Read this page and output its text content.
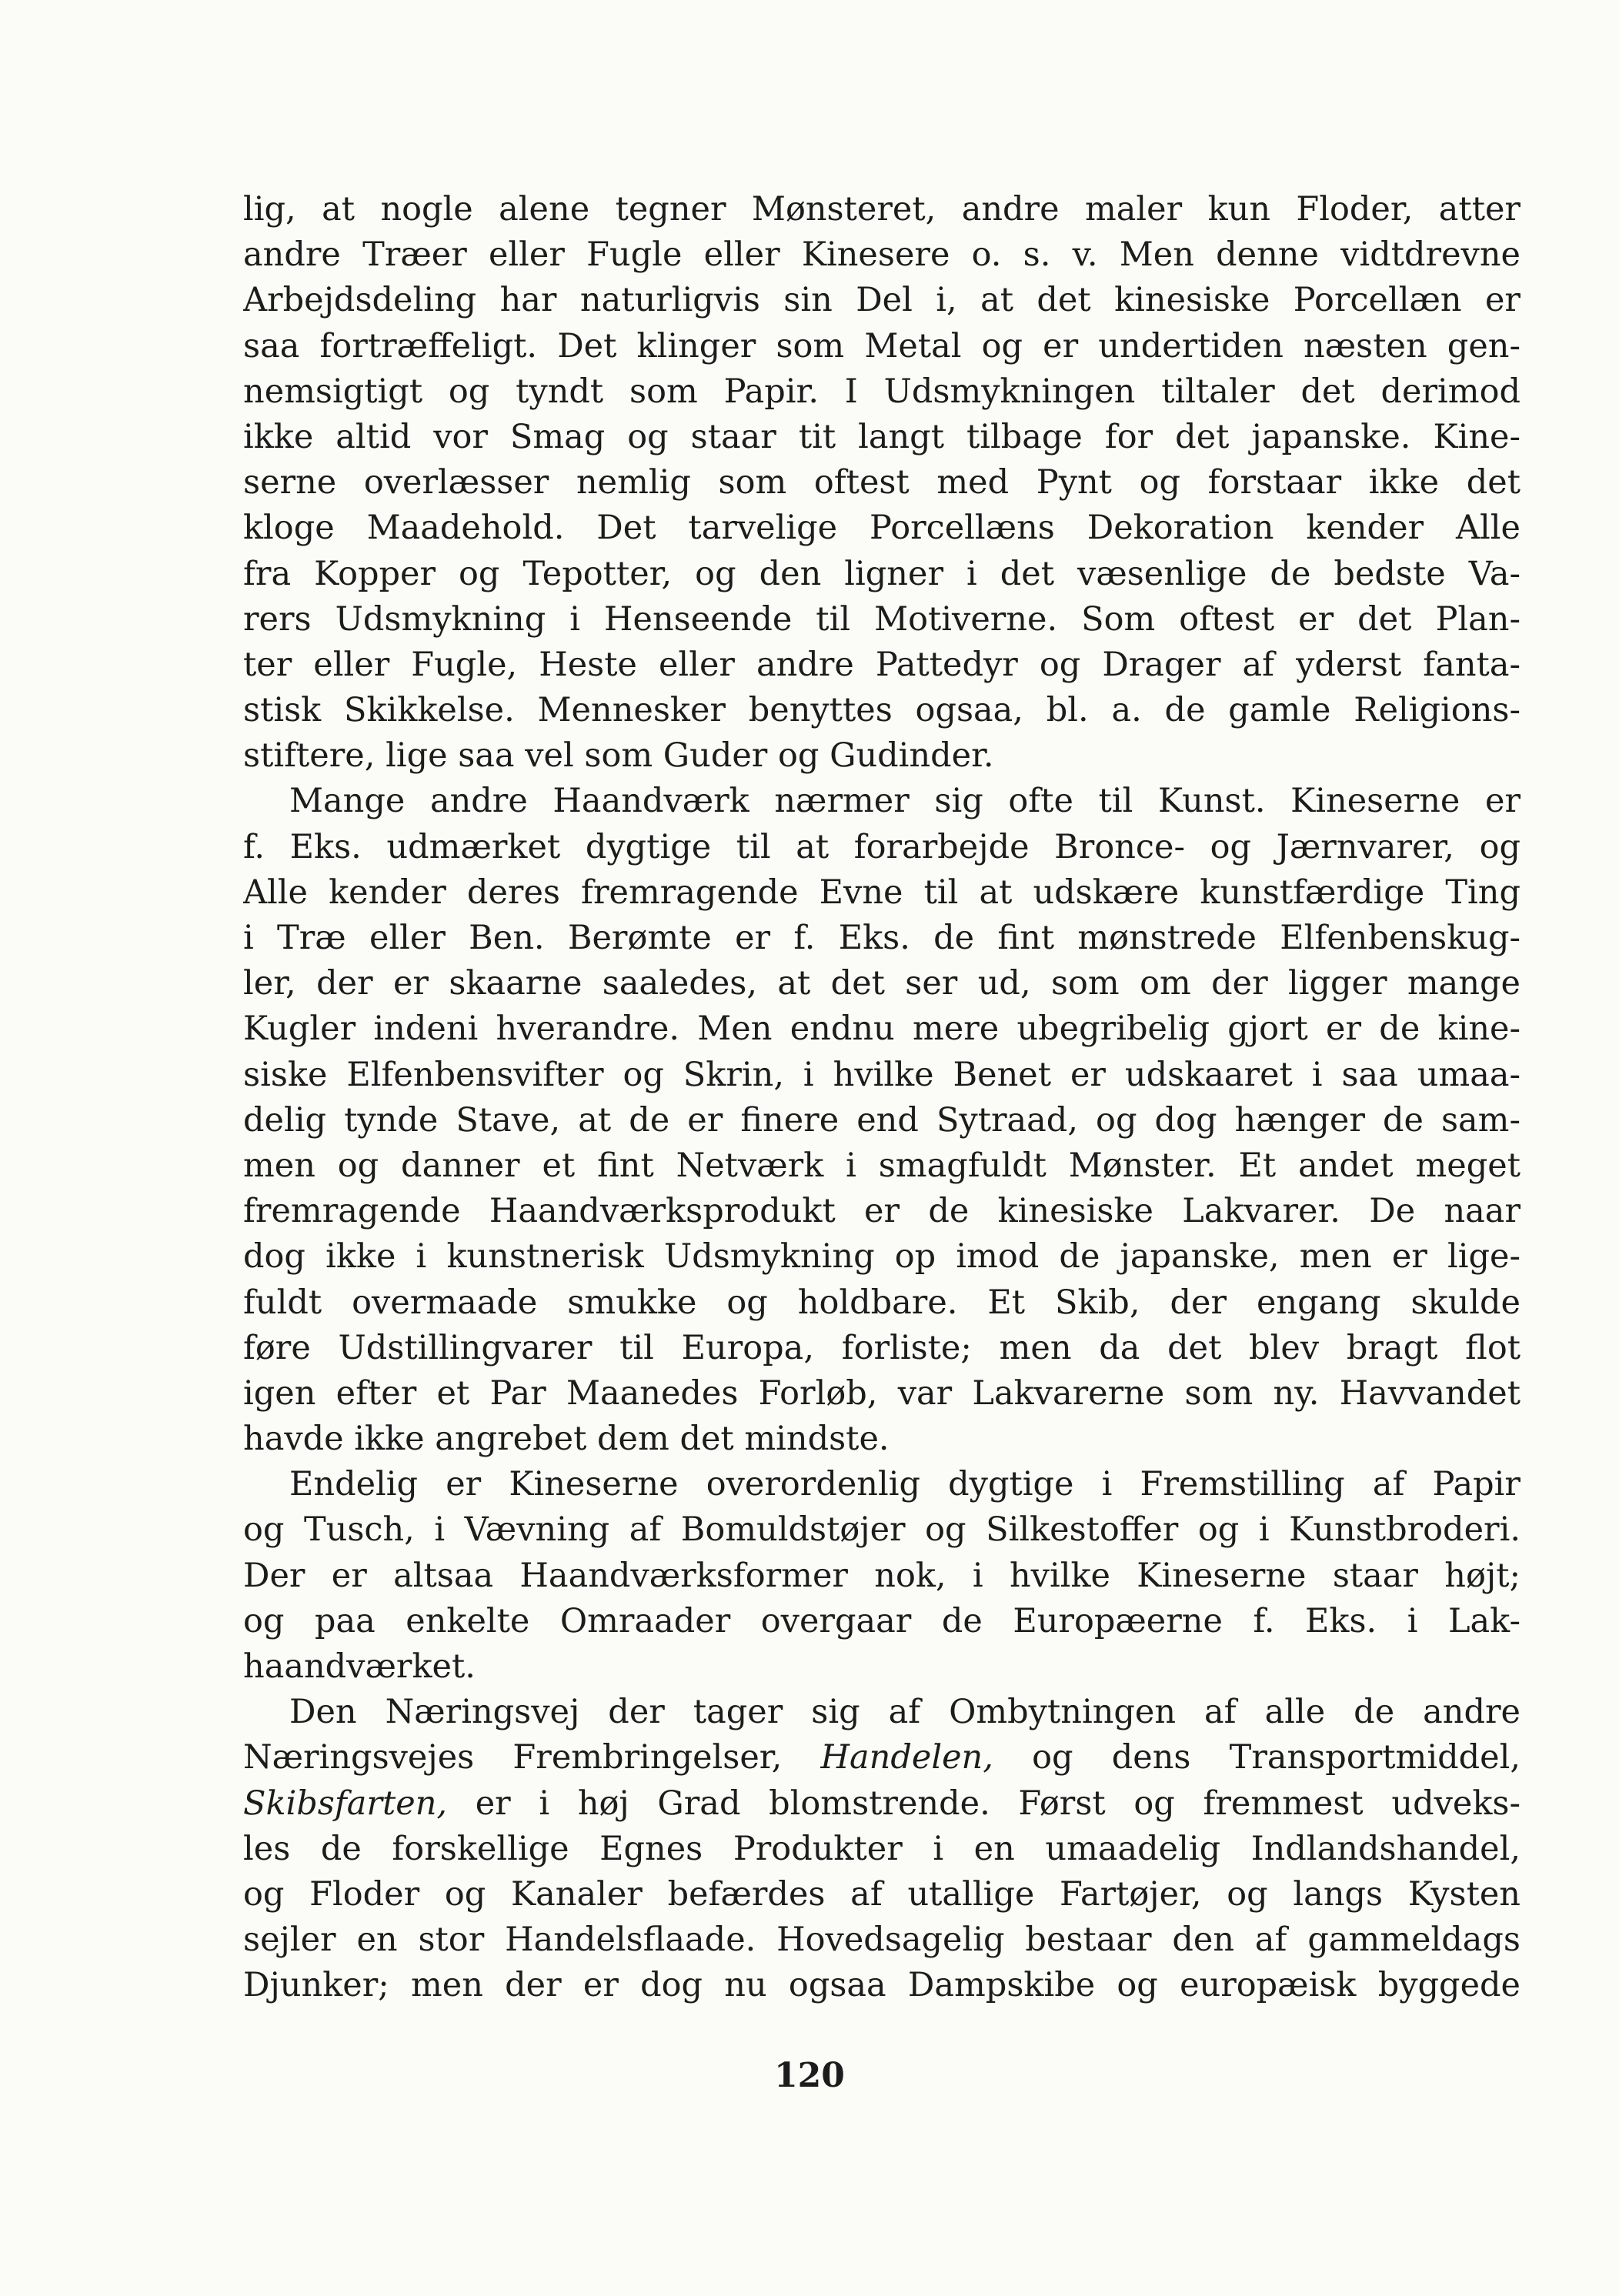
lig, at nogle alene tegner Mønsteret, andre maler kun Floder, atter
andre Træer eller Fugle eller Kinesere o. s. v. Men denne vidtdrevne
Arbejdsdeling har naturligvis sin Del i, at det kinesiske Porcellæn er
saa fortræffeligt. Det klinger som Metal og er undertiden næsten gen-
nemsigtigt og tyndt som Papir. I Udsmykningen tiltaler det derimod
ikke altid vor Smag og staar tit langt tilbage for det japanske. Kine-
serne overlæsser nemlig som oftest med Pynt og forstaar ikke det
kloge Maadehold. Det tarvelige Porcellæns Dekoration kender Alle
fra Kopper og Tepotter, og den ligner i det væsenlige de bedste Va-
rers Udsmykning i Henseende til Motiverne. Som oftest er det Plan-
ter eller Fugle, Heste eller andre Pattedyr og Drager af yderst fanta-
stisk Skikkelse. Mennesker benyttes ogsaa, bl. a. de gamle Religions-
stiftere, lige saa vel som Guder og Gudinder.
Mange andre Haandværk nærmer sig ofte til Kunst. Kineserne er
f. Eks. udmærket dygtige til at forarbejde Bronce- og Jærnvarer, og
Alle kender deres fremragende Evne til at udskære kunstfærdige Ting
i Træ eller Ben. Berømte er f. Eks. de fint mønstrede Elfenbenskug-
ler, der er skaarne saaledes, at det ser ud, som om der ligger mange
Kugler indeni hverandre. Men endnu mere ubegribelig gjort er de kine-
siske Elfenbensvifter og Skrin, i hvilke Benet er udskaaret i saa umaa-
delig tynde Stave, at de er finere end Sytraad, og dog hænger de sam-
men og danner et fint Netværk i smagfuldt Mønster. Et andet meget
fremragende Haandværksprodukt er de kinesiske Lakvarer. De naar
dog ikke i kunstnerisk Udsmykning op imod de japanske, men er lige-
fuldt overmaade smukke og holdbare. Et Skib, der engang skulde
føre Udstillingvarer til Europa, forliste; men da det blev bragt flot
igen efter et Par Maanedes Forløb, var Lakvarerne som ny. Havvandet
havde ikke angrebet dem det mindste.
Endelig er Kineserne overordenlig dygtige i Fremstilling af Papir
og Tusch, i Vævning af Bomuldstøjer og Silkestoffer og i Kunstbroderi.
Der er altsaa Haandværksformer nok, i hvilke Kineserne staar højt;
og paa enkelte Omraader overgaar de Europæerne f. Eks. i Lak-
haandværket.
Den Næringsvej der tager sig af Ombytningen af alle de andre
Næringsvejes Frembringelser, Handelen, og dens Transportmiddel,
Skibsfarten, er i høj Grad blomstrende. Først og fremmest udveks-
les de forskellige Egnes Produkter i en umaadelig Indlandshandel,
og Floder og Kanaler befærdes af utallige Fartøjer, og langs Kysten
sejler en stor Handelsflaade. Hovedsagelig bestaar den af gammeldags
Djunker; men der er dog nu ogsaa Dampskibe og europæisk byggede
120
